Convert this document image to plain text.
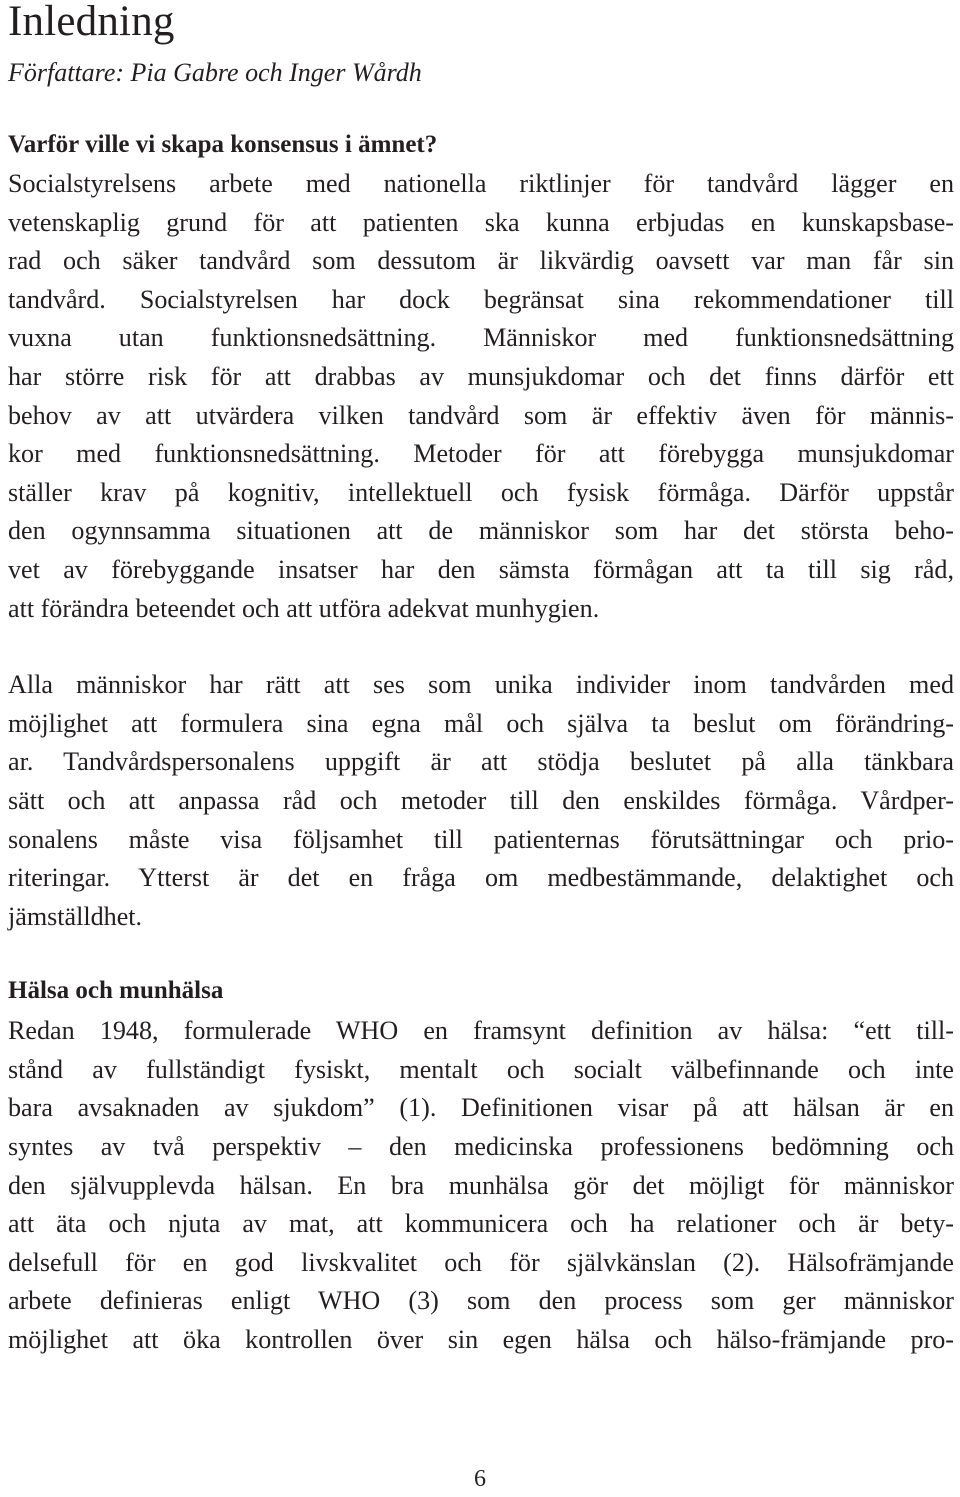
Inledning
Författare: Pia Gabre och Inger Wårdh
Varför ville vi skapa konsensus i ämnet?
Socialstyrelsens arbete med nationella riktlinjer för tandvård lägger en
vetenskaplig grund för att patienten ska kunna erbjudas en kunskapsbase-
rad och säker tandvård som dessutom är likvärdig oavsett var man får sin
tandvård. Socialstyrelsen har dock begränsat sina rekommendationer till
vuxna utan funktionsnedsättning. Människor med funktionsnedsättning
har större risk för att drabbas av munsjukdomar och det finns därför ett
behov av att utvärdera vilken tandvård som är effektiv även för männis-
kor med funktionsnedsättning. Metoder för att förebygga munsjukdomar
ställer krav på kognitiv, intellektuell och fysisk förmåga. Därför uppstår
den ogynnsamma situationen att de människor som har det största beho-
vet av förebyggande insatser har den sämsta förmågan att ta till sig råd,
att förändra beteendet och att utföra adekvat munhygien.
Alla människor har rätt att ses som unika individer inom tandvården med
möjlighet att formulera sina egna mål och själva ta beslut om förändring-
ar. Tandvårdspersonalens uppgift är att stödja beslutet på alla tänkbara
sätt och att anpassa råd och metoder till den enskildes förmåga. Vårdper-
sonalens måste visa följsamhet till patienternas förutsättningar och prio-
riteringar. Ytterst är det en fråga om medbestämmande, delaktighet och
jämställdhet.
Hälsa och munhälsa
Redan 1948, formulerade WHO en framsynt definition av hälsa: “ett till-
stånd av fullständigt fysiskt, mentalt och socialt välbefinnande och inte
bara avsaknaden av sjukdom” (1). Definitionen visar på att hälsan är en
syntes av två perspektiv – den medicinska professionens bedömning och
den självupplevda hälsan. En bra munhälsa gör det möjligt för människor
att äta och njuta av mat, att kommunicera och ha relationer och är bety-
delsefull för en god livskvalitet och för självkänslan (2). Hälsofrämjande
arbete definieras enligt WHO (3) som den process som ger människor
möjlighet att öka kontrollen över sin egen hälsa och hälso-främjande pro-
6
